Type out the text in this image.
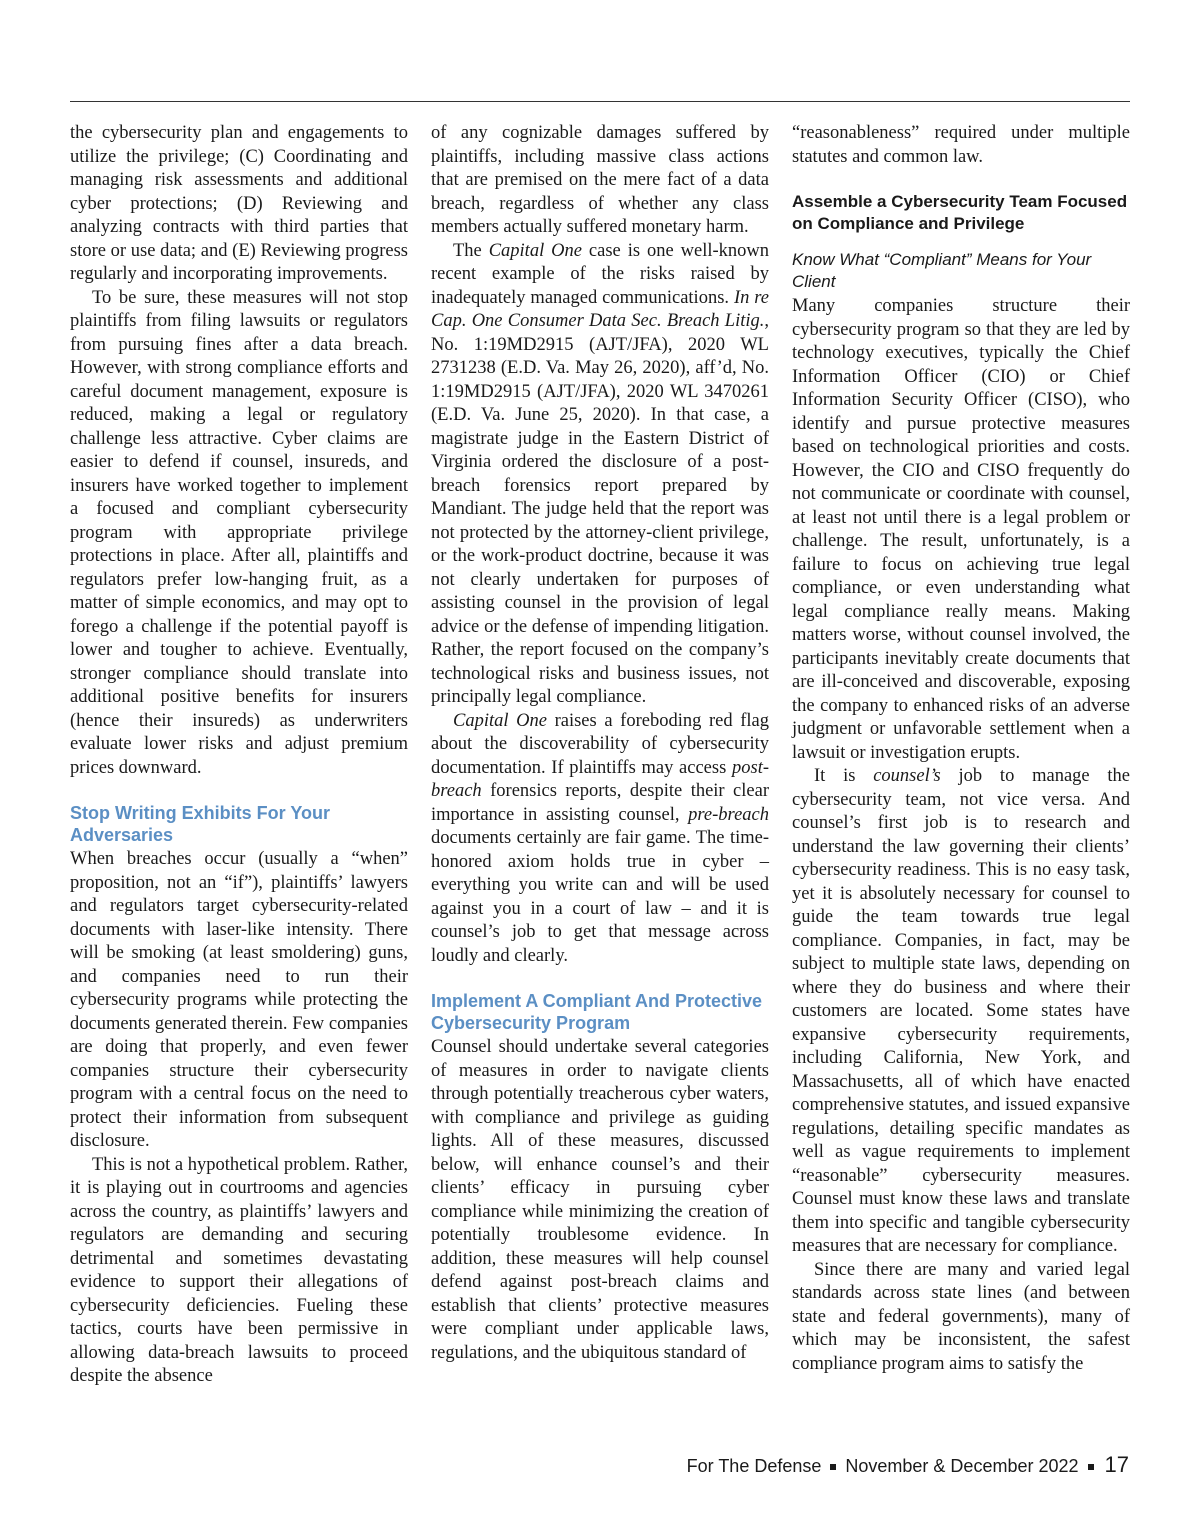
the cybersecurity plan and engagements to utilize the privilege; (C) Coordinating and managing risk assessments and additional cyber protections; (D) Reviewing and analyzing contracts with third parties that store or use data; and (E) Reviewing progress regularly and incorporating improvements.

To be sure, these measures will not stop plaintiffs from filing lawsuits or regulators from pursuing fines after a data breach. However, with strong compliance efforts and careful document management, exposure is reduced, making a legal or regulatory challenge less attractive. Cyber claims are easier to defend if counsel, insureds, and insurers have worked together to implement a focused and compliant cybersecurity program with appropriate privilege protections in place. After all, plaintiffs and regulators prefer low-hanging fruit, as a matter of simple economics, and may opt to forego a challenge if the potential payoff is lower and tougher to achieve. Eventually, stronger compliance should translate into additional positive benefits for insurers (hence their insureds) as underwriters evaluate lower risks and adjust premium prices downward.

Stop Writing Exhibits For Your Adversaries

When breaches occur (usually a “when” proposition, not an “if”), plaintiffs’ lawyers and regulators target cybersecurity-related documents with laser-like intensity. There will be smoking (at least smoldering) guns, and companies need to run their cybersecurity programs while protecting the documents generated therein. Few companies are doing that properly, and even fewer companies structure their cybersecurity program with a central focus on the need to protect their information from subsequent disclosure.

This is not a hypothetical problem. Rather, it is playing out in courtrooms and agencies across the country, as plaintiffs’ lawyers and regulators are demanding and securing detrimental and sometimes devastating evidence to support their allegations of cybersecurity deficiencies. Fueling these tactics, courts have been permissive in allowing data-breach lawsuits to proceed despite the absence

of any cognizable damages suffered by plaintiffs, including massive class actions that are premised on the mere fact of a data breach, regardless of whether any class members actually suffered monetary harm.

The Capital One case is one well-known recent example of the risks raised by inadequately managed communications. In re Cap. One Consumer Data Sec. Breach Litig., No. 1:19MD2915 (AJT/JFA), 2020 WL 2731238 (E.D. Va. May 26, 2020), aff’d, No. 1:19MD2915 (AJT/JFA), 2020 WL 3470261 (E.D. Va. June 25, 2020). In that case, a magistrate judge in the Eastern District of Virginia ordered the disclosure of a post-breach forensics report prepared by Mandiant. The judge held that the report was not protected by the attorney-client privilege, or the work-product doctrine, because it was not clearly undertaken for purposes of assisting counsel in the provision of legal advice or the defense of impending litigation. Rather, the report focused on the company’s technological risks and business issues, not principally legal compliance.

Capital One raises a foreboding red flag about the discoverability of cybersecurity documentation. If plaintiffs may access post-breach forensics reports, despite their clear importance in assisting counsel, pre-breach documents certainly are fair game. The time-honored axiom holds true in cyber – everything you write can and will be used against you in a court of law – and it is counsel’s job to get that message across loudly and clearly.

Implement A Compliant And Protective Cybersecurity Program

Counsel should undertake several categories of measures in order to navigate clients through potentially treacherous cyber waters, with compliance and privilege as guiding lights. All of these measures, discussed below, will enhance counsel’s and their clients’ efficacy in pursuing cyber compliance while minimizing the creation of potentially troublesome evidence. In addition, these measures will help counsel defend against post-breach claims and establish that clients’ protective measures were compliant under applicable laws, regulations, and the ubiquitous standard of

“reasonableness” required under multiple statutes and common law.

Assemble a Cybersecurity Team Focused on Compliance and Privilege
Know What “Compliant” Means for Your Client

Many companies structure their cybersecurity program so that they are led by technology executives, typically the Chief Information Officer (CIO) or Chief Information Security Officer (CISO), who identify and pursue protective measures based on technological priorities and costs. However, the CIO and CISO frequently do not communicate or coordinate with counsel, at least not until there is a legal problem or challenge. The result, unfortunately, is a failure to focus on achieving true legal compliance, or even understanding what legal compliance really means. Making matters worse, without counsel involved, the participants inevitably create documents that are ill-conceived and discoverable, exposing the company to enhanced risks of an adverse judgment or unfavorable settlement when a lawsuit or investigation erupts.

It is counsel’s job to manage the cybersecurity team, not vice versa. And counsel’s first job is to research and understand the law governing their clients’ cybersecurity readiness. This is no easy task, yet it is absolutely necessary for counsel to guide the team towards true legal compliance. Companies, in fact, may be subject to multiple state laws, depending on where they do business and where their customers are located. Some states have expansive cybersecurity requirements, including California, New York, and Massachusetts, all of which have enacted comprehensive statutes, and issued expansive regulations, detailing specific mandates as well as vague requirements to implement “reasonable” cybersecurity measures. Counsel must know these laws and translate them into specific and tangible cybersecurity measures that are necessary for compliance.

Since there are many and varied legal standards across state lines (and between state and federal governments), many of which may be inconsistent, the safest compliance program aims to satisfy the

For The Defense November & December 2022 17
